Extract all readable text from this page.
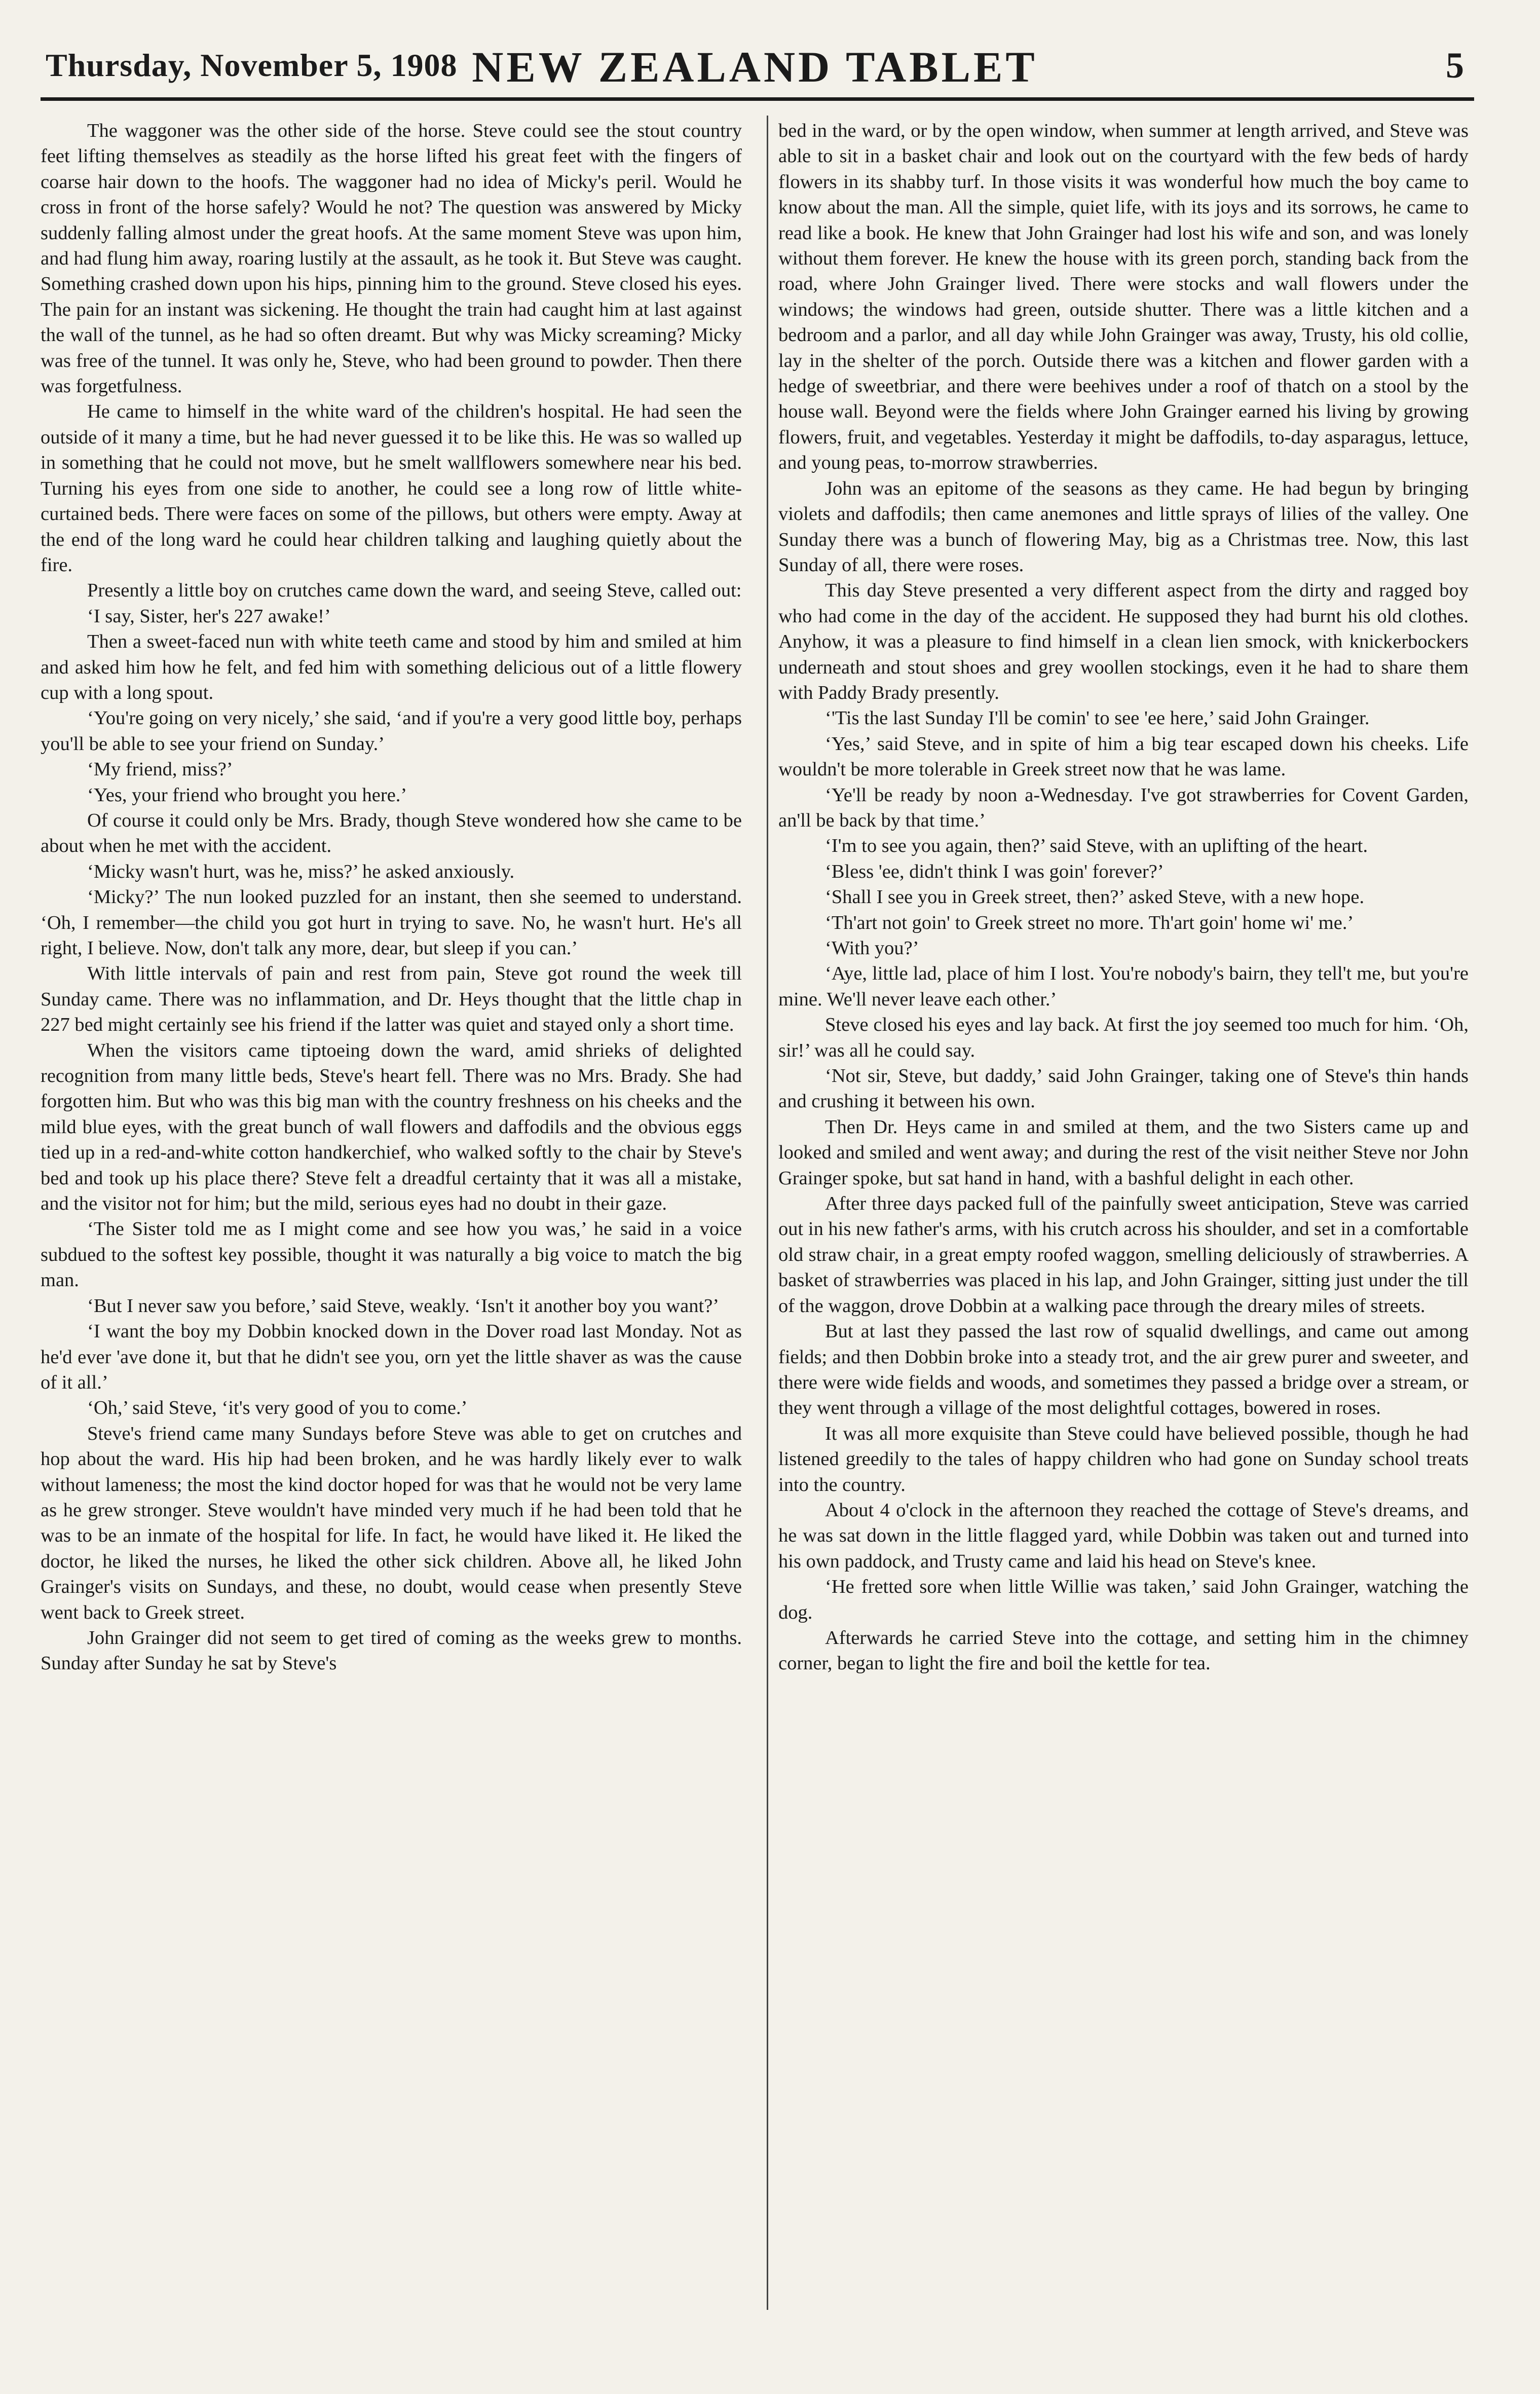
Thursday, November 5, 1908 NEW ZEALAND TABLET	5

The waggoner was the other side of the horse. Steve could see the stout country feet lifting themselves as steadily as the horse lifted his great feet with the fingers of coarse hair down to the hoofs. The waggoner had no idea of Micky's peril. Would he cross in front of the horse safely? Would he not? The question was answered by Micky suddenly falling almost under the great hoofs. At the same moment Steve was upon him, and had flung him away, roaring lustily at the assault, as he took it. But Steve was caught. Something crashed down upon his hips, pinning him to the ground. Steve closed his eyes. The pain for an instant was sickening. He thought the train had caught him at last against the wall of the tunnel, as he had so often dreamt. But why was Micky screaming? Micky was free of the tunnel. It was only he, Steve, who had been ground to powder. Then there was forgetfulness.

He came to himself in the white ward of the children's hospital. He had seen the outside of it many a time, but he had never guessed it to be like this. He was so walled up in something that he could not move, but he smelt wallflowers somewhere near his bed. Turning his eyes from one side to another, he could see a long row of little white-curtained beds. There were faces on some of the pillows, but others were empty. Away at the end of the long ward he could hear children talking and laughing quietly about the fire.

Presently a little boy on crutches came down the ward, and seeing Steve, called out:

‘I say, Sister, her's 227 awake!’

Then a sweet-faced nun with white teeth came and stood by him and smiled at him and asked him how he felt, and fed him with something delicious out of a little flowery cup with a long spout.

‘You're going on very nicely,’ she said, ‘and if you're a very good little boy, perhaps you'll be able to see your friend on Sunday.’

‘My friend, miss?’

‘Yes, your friend who brought you here.’

Of course it could only be Mrs. Brady, though Steve wondered how she came to be about when he met with the accident.

‘Micky wasn't hurt, was he, miss?’ he asked anxiously.

‘Micky?’ The nun looked puzzled for an instant, then she seemed to understand. ‘Oh, I remember—the child you got hurt in trying to save. No, he wasn't hurt. He's all right, I believe. Now, don't talk any more, dear, but sleep if you can.’

With little intervals of pain and rest from pain, Steve got round the week till Sunday came. There was no inflammation, and Dr. Heys thought that the little chap in 227 bed might certainly see his friend if the latter was quiet and stayed only a short time.

When the visitors came tiptoeing down the ward, amid shrieks of delighted recognition from many little beds, Steve's heart fell. There was no Mrs. Brady. She had forgotten him. But who was this big man with the country freshness on his cheeks and the mild blue eyes, with the great bunch of wall flowers and daffodils and the obvious eggs tied up in a red-and-white cotton handkerchief, who walked softly to the chair by Steve's bed and took up his place there? Steve felt a dreadful certainty that it was all a mistake, and the visitor not for him; but the mild, serious eyes had no doubt in their gaze.

‘The Sister told me as I might come and see how you was,’ he said in a voice subdued to the softest key possible, thought it was naturally a big voice to match the big man.

‘But I never saw you before,’ said Steve, weakly. ‘Isn't it another boy you want?’

‘I want the boy my Dobbin knocked down in the Dover road last Monday. Not as he'd ever 'ave done it, but that he didn't see you, orn yet the little shaver as was the cause of it all.’

‘Oh,’ said Steve, ‘it's very good of you to come.’

Steve's friend came many Sundays before Steve was able to get on crutches and hop about the ward. His hip had been broken, and he was hardly likely ever to walk without lameness; the most the kind doctor hoped for was that he would not be very lame as he grew stronger. Steve wouldn't have minded very much if he had been told that he was to be an inmate of the hospital for life. In fact, he would have liked it. He liked the doctor, he liked the nurses, he liked the other sick children. Above all, he liked John Grainger's visits on Sundays, and these, no doubt, would cease when presently Steve went back to Greek street.

John Grainger did not seem to get tired of coming as the weeks grew to months. Sunday after Sunday he sat by Steve's

bed in the ward, or by the open window, when summer at length arrived, and Steve was able to sit in a basket chair and look out on the courtyard with the few beds of hardy flowers in its shabby turf. In those visits it was wonderful how much the boy came to know about the man. All the simple, quiet life, with its joys and its sorrows, he came to read like a book. He knew that John Grainger had lost his wife and son, and was lonely without them forever. He knew the house with its green porch, standing back from the road, where John Grainger lived. There were stocks and wall flowers under the windows; the windows had green, outside shutter. There was a little kitchen and a bedroom and a parlor, and all day while John Grainger was away, Trusty, his old collie, lay in the shelter of the porch. Outside there was a kitchen and flower garden with a hedge of sweetbriar, and there were beehives under a roof of thatch on a stool by the house wall. Beyond were the fields where John Grainger earned his living by growing flowers, fruit, and vegetables. Yesterday it might be daffodils, to-day asparagus, lettuce, and young peas, to-morrow strawberries.

John was an epitome of the seasons as they came. He had begun by bringing violets and daffodils; then came anemones and little sprays of lilies of the valley. One Sunday there was a bunch of flowering May, big as a Christmas tree. Now, this last Sunday of all, there were roses.

This day Steve presented a very different aspect from the dirty and ragged boy who had come in the day of the accident. He supposed they had burnt his old clothes. Anyhow, it was a pleasure to find himself in a clean lien smock, with knickerbockers underneath and stout shoes and grey woollen stockings, even it he had to share them with Paddy Brady presently.

‘'Tis the last Sunday I'll be comin' to see 'ee here,’ said John Grainger.

‘Yes,’ said Steve, and in spite of him a big tear escaped down his cheeks. Life wouldn't be more tolerable in Greek street now that he was lame.

‘Ye'll be ready by noon a-Wednesday. I've got strawberries for Covent Garden, an'll be back by that time.’

‘I'm to see you again, then?’ said Steve, with an uplifting of the heart.

‘Bless 'ee, didn't think I was goin' forever?’

‘Shall I see you in Greek street, then?’ asked Steve, with a new hope.

‘Th'art not goin' to Greek street no more. Th'art goin' home wi' me.’

‘With you?’

‘Aye, little lad, place of him I lost. You're nobody's bairn, they tell't me, but you're mine. We'll never leave each other.’

Steve closed his eyes and lay back. At first the joy seemed too much for him. ‘Oh, sir!’ was all he could say.

‘Not sir, Steve, but daddy,’ said John Grainger, taking one of Steve's thin hands and crushing it between his own.

Then Dr. Heys came in and smiled at them, and the two Sisters came up and looked and smiled and went away; and during the rest of the visit neither Steve nor John Grainger spoke, but sat hand in hand, with a bashful delight in each other.

After three days packed full of the painfully sweet anticipation, Steve was carried out in his new father's arms, with his crutch across his shoulder, and set in a comfortable old straw chair, in a great empty roofed waggon, smelling deliciously of strawberries. A basket of strawberries was placed in his lap, and John Grainger, sitting just under the till of the waggon, drove Dobbin at a walking pace through the dreary miles of streets.

But at last they passed the last row of squalid dwellings, and came out among fields; and then Dobbin broke into a steady trot, and the air grew purer and sweeter, and there were wide fields and woods, and sometimes they passed a bridge over a stream, or they went through a village of the most delightful cottages, bowered in roses.

It was all more exquisite than Steve could have believed possible, though he had listened greedily to the tales of happy children who had gone on Sunday school treats into the country.

About 4 o'clock in the afternoon they reached the cottage of Steve's dreams, and he was sat down in the little flagged yard, while Dobbin was taken out and turned into his own paddock, and Trusty came and laid his head on Steve's knee.

‘He fretted sore when little Willie was taken,’ said John Grainger, watching the dog.

Afterwards he carried Steve into the cottage, and setting him in the chimney corner, began to light the fire and boil the kettle for tea.
